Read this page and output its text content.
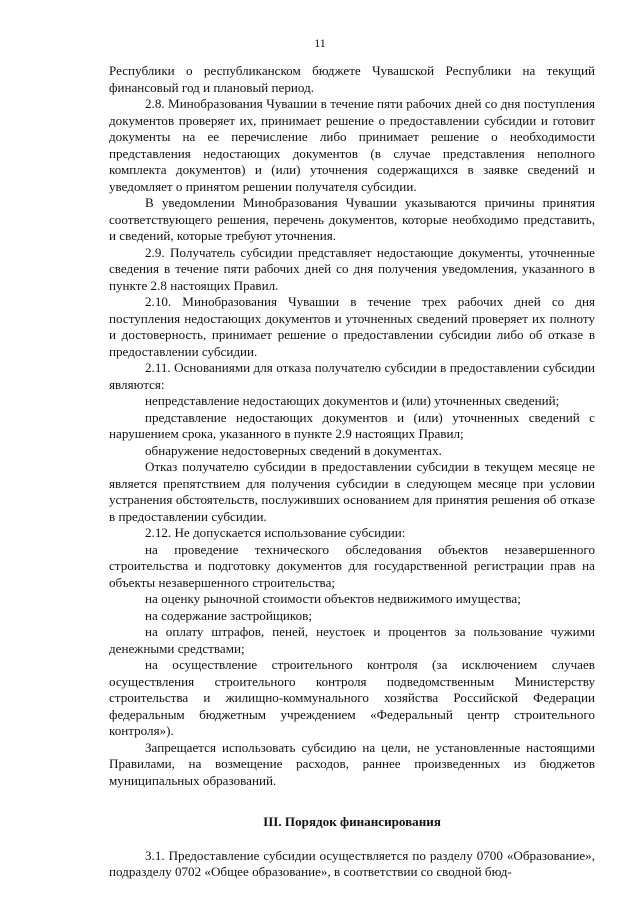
11

Республики о республиканском бюджете Чувашской Республики на текущий финансовый год и плановый период.

2.8. Минобразования Чувашии в течение пяти рабочих дней со дня поступления документов проверяет их, принимает решение о предоставлении субсидии и готовит документы на ее перечисление либо принимает решение о необходимости представления недостающих документов (в случае представления неполного комплекта документов) и (или) уточнения содержащихся в заявке сведений и уведомляет о принятом решении получателя субсидии.

В уведомлении Минобразования Чувашии указываются причины принятия соответствующего решения, перечень документов, которые необходимо представить, и сведений, которые требуют уточнения.

2.9. Получатель субсидии представляет недостающие документы, уточненные сведения в течение пяти рабочих дней со дня получения уведомления, указанного в пункте 2.8 настоящих Правил.

2.10. Минобразования Чувашии в течение трех рабочих дней со дня поступления недостающих документов и уточненных сведений проверяет их полноту и достоверность, принимает решение о предоставлении субсидии либо об отказе в предоставлении субсидии.

2.11. Основаниями для отказа получателю субсидии в предоставлении субсидии являются:

непредставление недостающих документов и (или) уточненных сведений;

представление недостающих документов и (или) уточненных сведений с нарушением срока, указанного в пункте 2.9 настоящих Правил;

обнаружение недостоверных сведений в документах.

Отказ получателю субсидии в предоставлении субсидии в текущем месяце не является препятствием для получения субсидии в следующем месяце при условии устранения обстоятельств, послуживших основанием для принятия решения об отказе в предоставлении субсидии.

2.12. Не допускается использование субсидии:

на проведение технического обследования объектов незавершенного строительства и подготовку документов для государственной регистрации прав на объекты незавершенного строительства;

на оценку рыночной стоимости объектов недвижимого имущества;

на содержание застройщиков;

на оплату штрафов, пеней, неустоек и процентов за пользование чужими денежными средствами;

на осуществление строительного контроля (за исключением случаев осуществления строительного контроля подведомственным Министерству строительства и жилищно-коммунального хозяйства Российской Федерации федеральным бюджетным учреждением «Федеральный центр строительного контроля»).

Запрещается использовать субсидию на цели, не установленные настоящими Правилами, на возмещение расходов, раннее произведенных из бюджетов муниципальных образований.

III. Порядок финансирования

3.1. Предоставление субсидии осуществляется по разделу 0700 «Образование», подразделу 0702 «Общее образование», в соответствии со сводной бюд-
